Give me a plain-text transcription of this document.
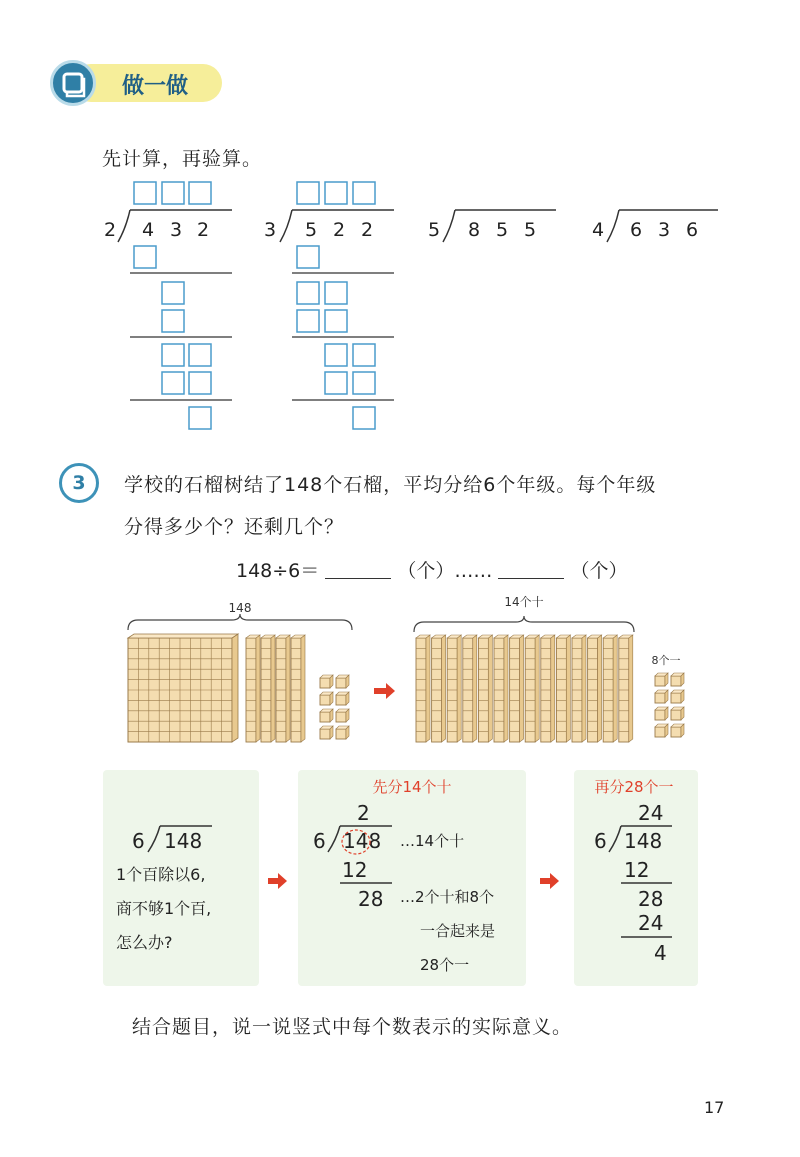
做一做
先计算，再验算。
2 4 3 2	3 5 2 2	5 8 5 5	4 6 3 6
3	学校的石榴树结了148个石榴，平均分给6个年级。每个年级
分得多少个？还剩几个？
148÷6＝	（个）……	（个）
148	14个十
8个一
6 148
1个百除以6,
商不够1个百,
怎么办?
先分14个十
2
6 148 …14个十
12
28 …2个十和8个
一合起来是
28个一
再分28个一
24
6 148
12
28
24
4
结合题目，说一说竖式中每个数表示的实际意义。
17
